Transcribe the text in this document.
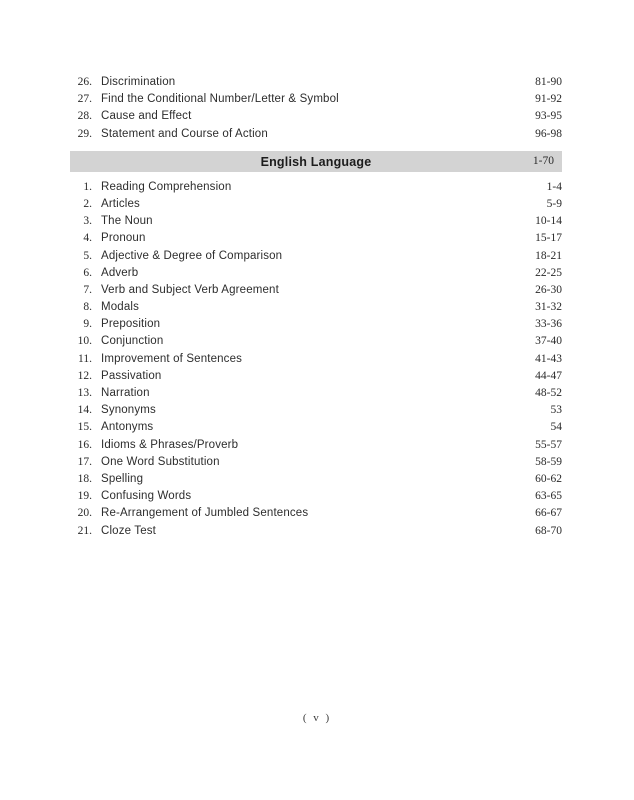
26. Discrimination	81-90
27. Find the Conditional Number/Letter & Symbol	91-92
28. Cause and Effect	93-95
29. Statement and Course of Action	96-98
English Language	1-70
1. Reading Comprehension	1-4
2. Articles	5-9
3. The Noun	10-14
4. Pronoun	15-17
5. Adjective & Degree of Comparison	18-21
6. Adverb	22-25
7. Verb and Subject Verb Agreement	26-30
8. Modals	31-32
9. Preposition	33-36
10. Conjunction	37-40
11. Improvement of Sentences	41-43
12. Passivation	44-47
13. Narration	48-52
14. Synonyms	53
15. Antonyms	54
16. Idioms & Phrases/Proverb	55-57
17. One Word Substitution	58-59
18. Spelling	60-62
19. Confusing Words	63-65
20. Re-Arrangement of Jumbled Sentences	66-67
21. Cloze Test	68-70
( v )
